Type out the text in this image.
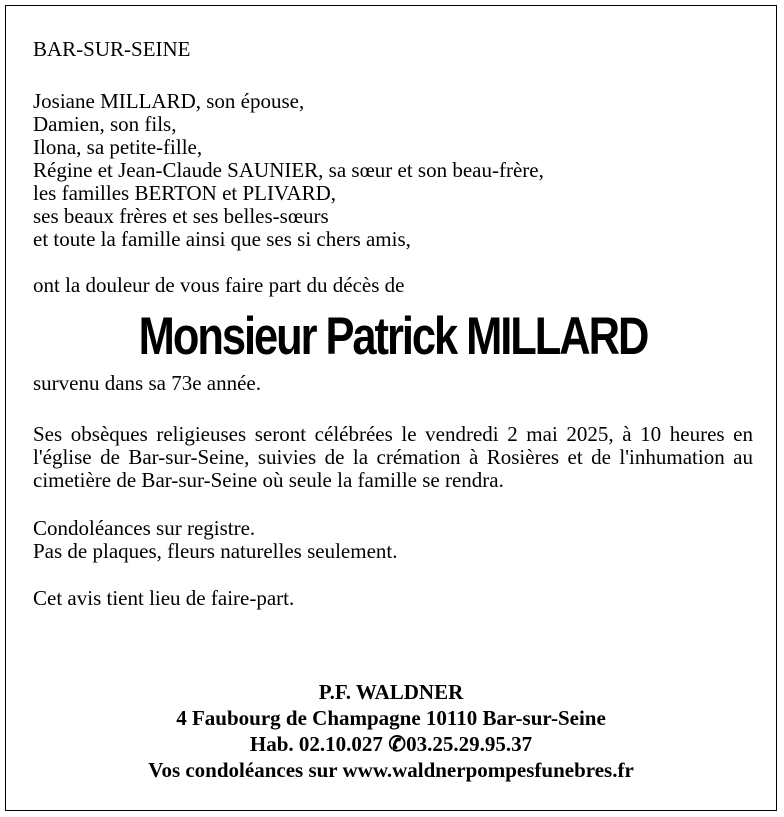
BAR-SUR-SEINE

Josiane MILLARD, son épouse,
Damien, son fils,
Ilona, sa petite-fille,
Régine et Jean-Claude SAUNIER, sa sœur et son beau-frère,
les familles BERTON et PLIVARD,
ses beaux frères et ses belles-sœurs
et toute la famille ainsi que ses si chers amis,

ont la douleur de vous faire part du décès de

Monsieur Patrick MILLARD

survenu dans sa 73e année.

Ses obsèques religieuses seront célébrées le vendredi 2 mai 2025, à 10 heures en l'église de Bar-sur-Seine, suivies de la crémation à Rosières et de l'inhumation au cimetière de Bar-sur-Seine où seule la famille se rendra.

Condoléances sur registre.
Pas de plaques, fleurs naturelles seulement.

Cet avis tient lieu de faire-part.

P.F. WALDNER
4 Faubourg de Champagne 10110 Bar-sur-Seine
Hab. 02.10.027 ✆03.25.29.95.37
Vos condoléances sur www.waldnerpompesfunebres.fr
